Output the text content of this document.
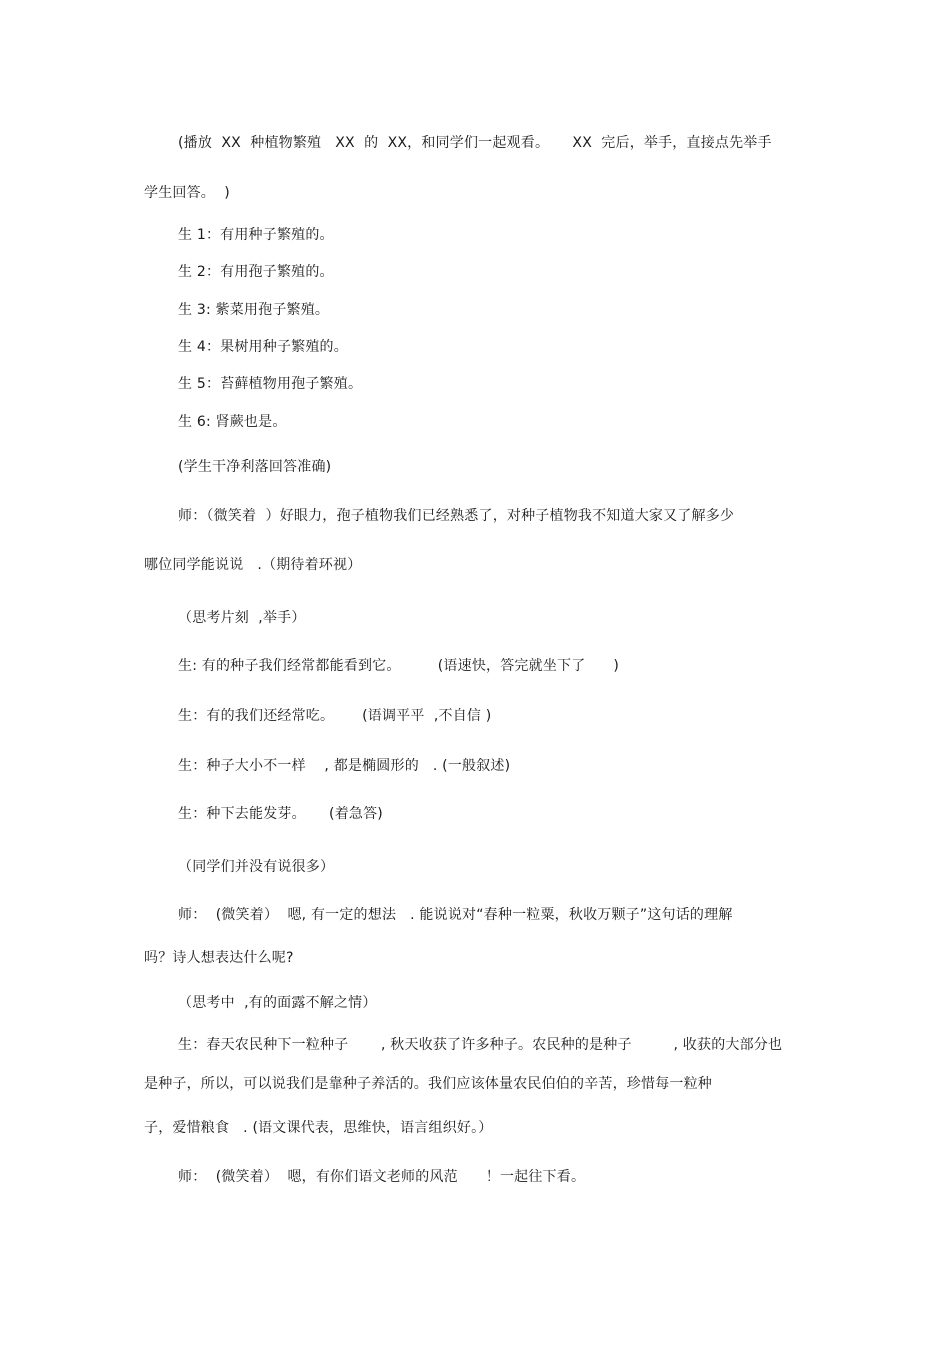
(播放  XX  种植物繁殖   XX  的  XX，和同学们一起观看。     XX  完后，举手，直接点先举手
学生回答。  )
生 1：有用种子繁殖的。
生 2：有用孢子繁殖的。
生 3: 紫菜用孢子繁殖。
生 4：果树用种子繁殖的。
生 5：苔藓植物用孢子繁殖。
生 6: 肾蕨也是。
(学生干净利落回答准确)
师：（微笑着  ）好眼力，孢子植物我们已经熟悉了，对种子植物我不知道大家又了解多少
哪位同学能说说   .（期待着环视）
（思考片刻  ,举手）
生: 有的种子我们经常都能看到它。        (语速快，答完就坐下了      )
生：有的我们还经常吃。      (语调平平  ,不自信 )
生：种子大小不一样    , 都是椭圆形的   . (一般叙述)
生：种下去能发芽。     (着急答)
（同学们并没有说很多）
师：  (微笑着）  嗯, 有一定的想法   . 能说说对“春种一粒粟，秋收万颗子”这句话的理解
吗？诗人想表达什么呢?
（思考中  ,有的面露不解之情）
生：春天农民种下一粒种子       , 秋天收获了许多种子。农民种的是种子         , 收获的大部分也
是种子，所以，可以说我们是靠种子养活的。我们应该体量农民伯伯的辛苦，珍惜每一粒种
子，爱惜粮食   . (语文课代表，思维快，语言组织好。）
师：  (微笑着）  嗯，有你们语文老师的风范      ！一起往下看。
